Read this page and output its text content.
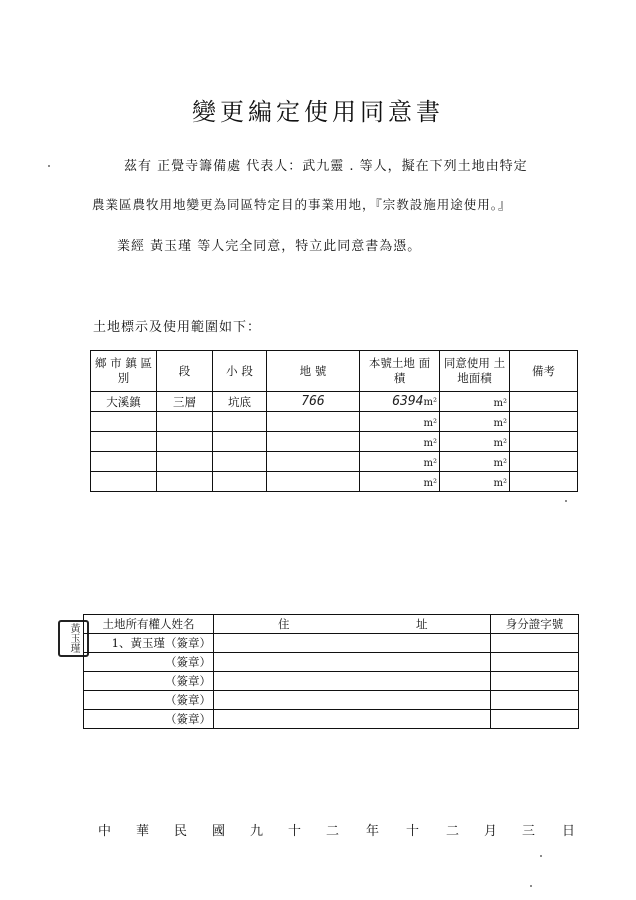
變更編定使用同意書
茲有 正覺寺籌備處 代表人：武九靈 . 等人，擬在下列土地由特定
農業區農牧用地變更為同區特定目的事業用地，『宗教設施用途使用。』
業經 黃玉瑾 等人完全同意，特立此同意書為憑。
土地標示及使用範圍如下：
鄉 市 鎮 區 別	段	小 段	地 號	本號土地 面 積	同意使用 土地面積	備考
大溪鎮	三層	坑底	766	6394m²	m²	
				m²	m²	
				m²	m²	
				m²	m²	
				m²	m²	
黃玉瑾	土地所有權人姓名	住	址	身分證字號
1、黃玉瑾（簽章）			
（簽章）			
（簽章）			
（簽章）			
（簽章）			
中 華 民 國 九 十 二 年 十 二 月 三 日
